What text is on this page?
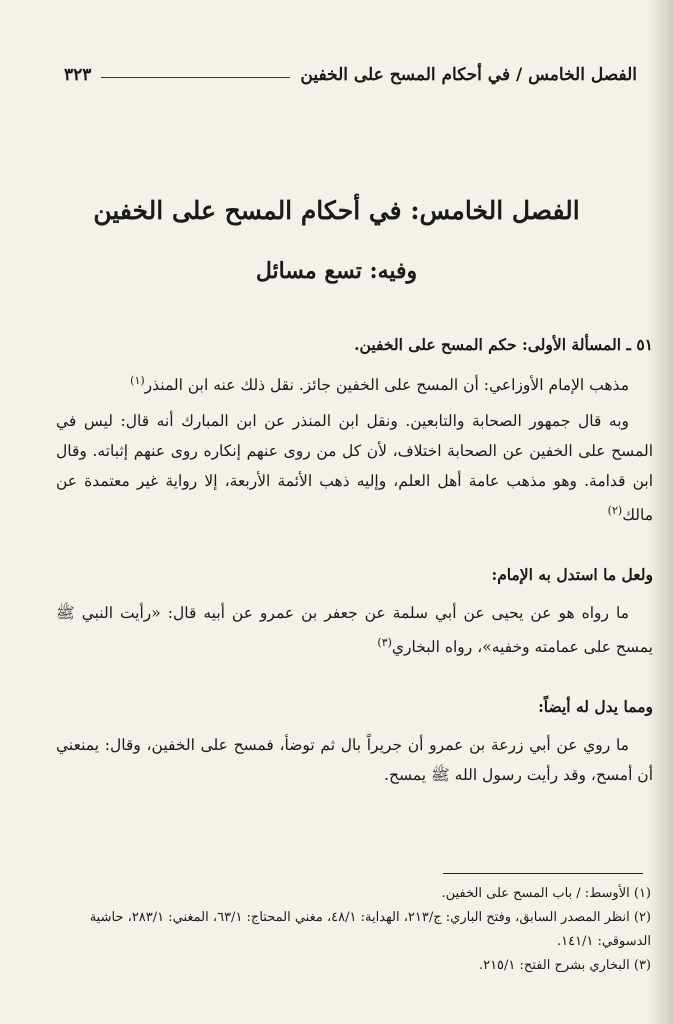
الفصل الخامس / في أحكام المسح على الخفين
٣٢٣
الفصل الخامس: في أحكام المسح على الخفين
وفيه: تسع مسائل

٥١ ـ المسألة الأولى: حكم المسح على الخفين.

مذهب الإمام الأوزاعي: أن المسح على الخفين جائز. نقل ذلك عنه ابن المنذر$^{(١)}$

وبه قال جمهور الصحابة والتابعين. ونقل ابن المنذر عن ابن المبارك أنه قال: ليس في المسح على الخفين عن الصحابة اختلاف، لأن كل من روى عنهم إنكاره روى عنهم إثباته. وقال ابن قدامة. وهو مذهب عامة أهل العلم، وإليه ذهب الأئمة الأربعة، إلا رواية غير معتمدة عن مالك$^{(٢)}$

ولعل ما استدل به الإمام:

ما رواه هو عن يحيى عن أبي سلمة عن جعفر بن عمرو عن أبيه قال: «رأيت النبي ﷺ يمسح على عمامته وخفيه»، رواه البخاري$^{(٣)}$

ومما يدل له أيضاً:

ما روي عن أبي زرعة بن عمرو أن جريراً بال ثم توضأ، فمسح على الخفين، وقال: يمنعني أن أمسح، وقد رأيت رسول الله ﷺ يمسح.

(١) الأوسط: / باب المسح على الخفين.

(٢) انظر المصدر السابق، وفتح الباري: ج/٢١٣، الهداية: ٤٨/١، مغني المحتاج: ٦٣/١، المغني: ٢٨٣/١، حاشية الدسوقي: ١٤١/١.

(٣) البخاري بشرح الفتح: ٢١٥/١.
